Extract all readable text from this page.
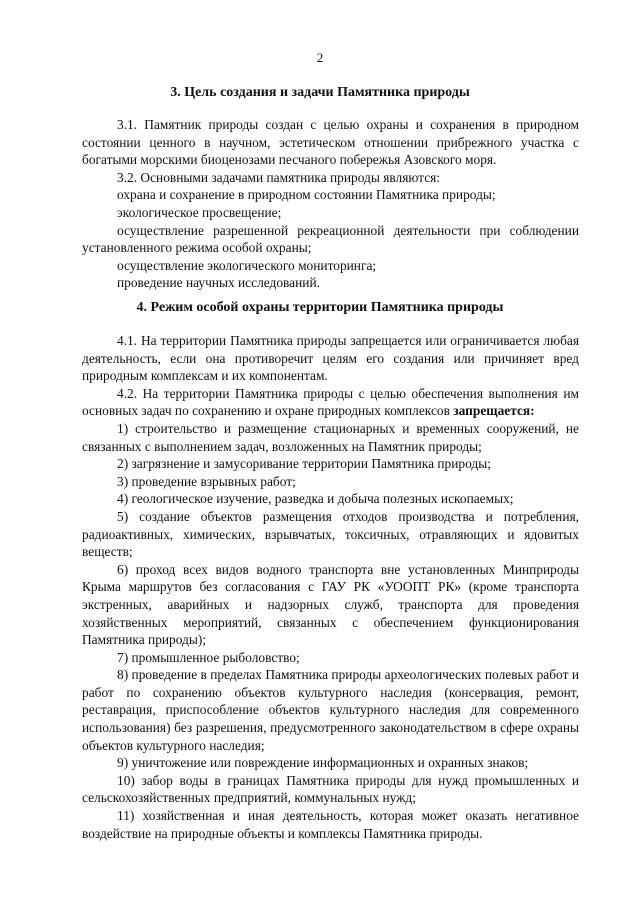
2
3. Цель создания и задачи Памятника природы

3.1. Памятник природы создан с целью охраны и сохранения в природном состоянии ценного в научном, эстетическом отношении прибрежного участка с богатыми морскими биоценозами песчаного побережья Азовского моря.

3.2. Основными задачами памятника природы являются:

охрана и сохранение в природном состоянии Памятника природы;

экологическое просвещение;

осуществление разрешенной рекреационной деятельности при соблюдении установленного режима особой охраны;

осуществление экологического мониторинга;

проведение научных исследований.

4. Режим особой охраны территории Памятника природы

4.1. На территории Памятника природы запрещается или ограничивается любая деятельность, если она противоречит целям его создания или причиняет вред природным комплексам и их компонентам.

4.2. На территории Памятника природы с целью обеспечения выполнения им основных задач по сохранению и охране природных комплексов запрещается:

1) строительство и размещение стационарных и временных сооружений, не связанных с выполнением задач, возложенных на Памятник природы;

2) загрязнение и замусоривание территории Памятника природы;

3) проведение взрывных работ;

4) геологическое изучение, разведка и добыча полезных ископаемых;

5) создание объектов размещения отходов производства и потребления, радиоактивных, химических, взрывчатых, токсичных, отравляющих и ядовитых веществ;

6) проход всех видов водного транспорта вне установленных Минприроды Крыма маршрутов без согласования с ГАУ РК «УООПТ РК» (кроме транспорта экстренных, аварийных и надзорных служб, транспорта для проведения хозяйственных мероприятий, связанных с обеспечением функционирования Памятника природы);

7) промышленное рыболовство;

8) проведение в пределах Памятника природы археологических полевых работ и работ по сохранению объектов культурного наследия (консервация, ремонт, реставрация, приспособление объектов культурного наследия для современного использования) без разрешения, предусмотренного законодательством в сфере охраны объектов культурного наследия;

9) уничтожение или повреждение информационных и охранных знаков;

10) забор воды в границах Памятника природы для нужд промышленных и сельскохозяйственных предприятий, коммунальных нужд;

11) хозяйственная и иная деятельность, которая может оказать негативное воздействие на природные объекты и комплексы Памятника природы.
